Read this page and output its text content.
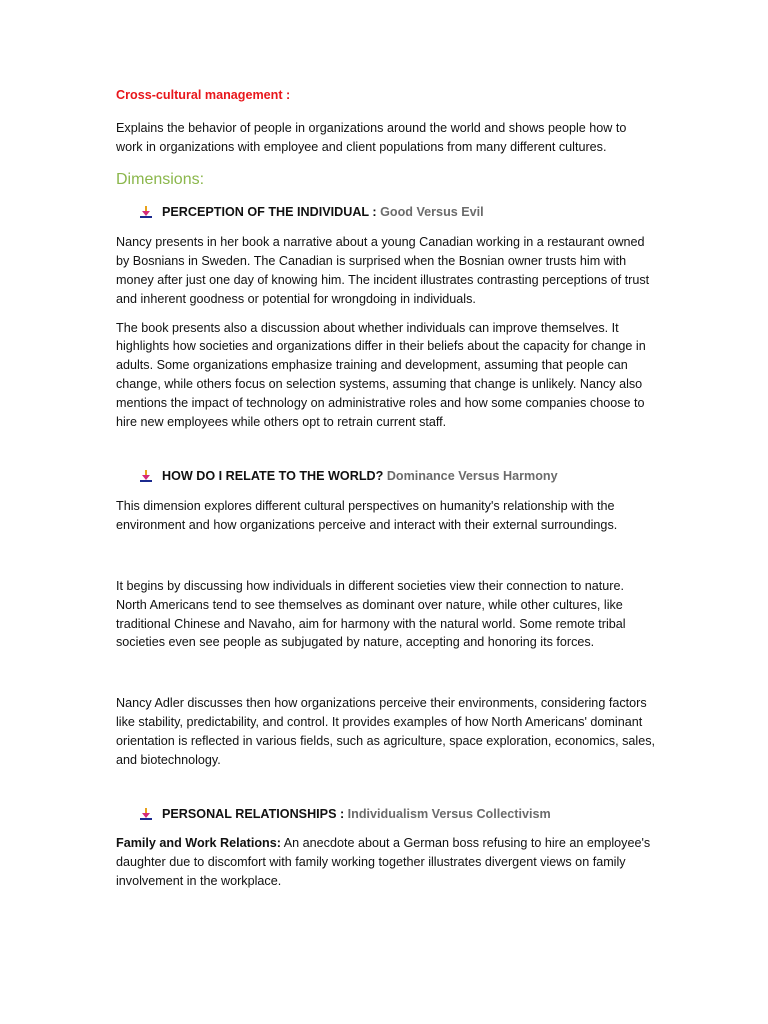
Cross-cultural management :

Explains the behavior of people in organizations around the world and shows people how to work in organizations with employee and client populations from many different cultures.

Dimensions:
PERCEPTION OF THE INDIVIDUAL : Good Versus Evil

Nancy presents in her book a narrative about a young Canadian working in a restaurant owned by Bosnians in Sweden. The Canadian is surprised when the Bosnian owner trusts him with money after just one day of knowing him. The incident illustrates contrasting perceptions of trust and inherent goodness or potential for wrongdoing in individuals.

The book presents also a discussion about whether individuals can improve themselves. It highlights how societies and organizations differ in their beliefs about the capacity for change in adults. Some organizations emphasize training and development, assuming that people can change, while others focus on selection systems, assuming that change is unlikely. Nancy also mentions the impact of technology on administrative roles and how some companies choose to hire new employees while others opt to retrain current staff.

HOW DO I RELATE TO THE WORLD? Dominance Versus Harmony

This dimension explores different cultural perspectives on humanity's relationship with the environment and how organizations perceive and interact with their external surroundings.

It begins by discussing how individuals in different societies view their connection to nature. North Americans tend to see themselves as dominant over nature, while other cultures, like traditional Chinese and Navaho, aim for harmony with the natural world. Some remote tribal societies even see people as subjugated by nature, accepting and honoring its forces.

Nancy Adler discusses then how organizations perceive their environments, considering factors like stability, predictability, and control. It provides examples of how North Americans' dominant orientation is reflected in various fields, such as agriculture, space exploration, economics, sales, and biotechnology.

PERSONAL RELATIONSHIPS : Individualism Versus Collectivism

Family and Work Relations: An anecdote about a German boss refusing to hire an employee's daughter due to discomfort with family working together illustrates divergent views on family involvement in the workplace.
